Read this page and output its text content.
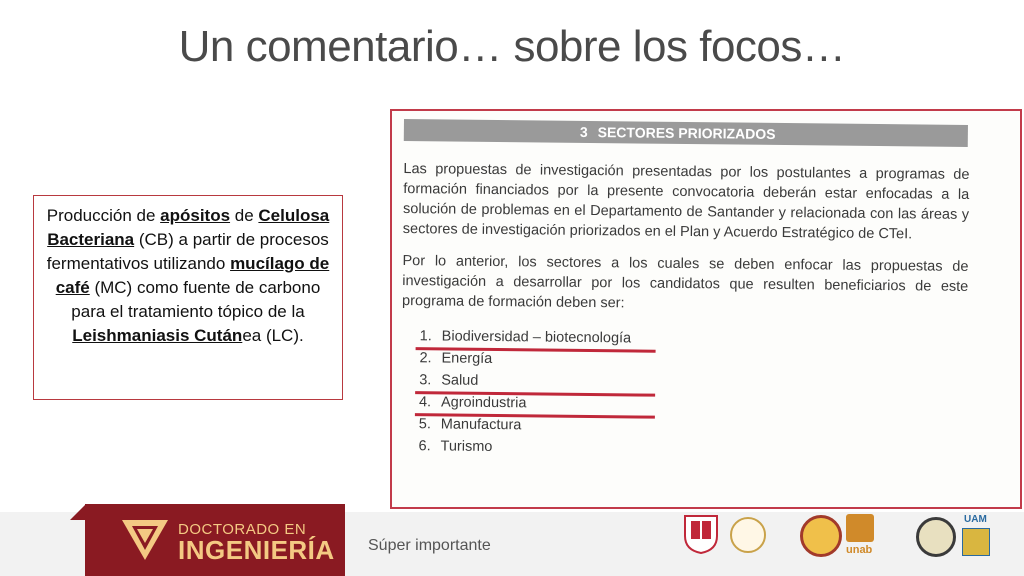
Un comentario… sobre los focos…
Producción de apósitos de Celulosa Bacteriana (CB) a partir de procesos fermentativos utilizando mucílago de café (MC) como fuente de carbono para el tratamiento tópico de la Leishmaniasis Cutánea (LC).
3 SECTORES PRIORIZADOS
Las propuestas de investigación presentadas por los postulantes a programas de formación financiados por la presente convocatoria deberán estar enfocadas a la solución de problemas en el Departamento de Santander y relacionada con las áreas y sectores de investigación priorizados en el Plan y Acuerdo Estratégico de CTeI.
Por lo anterior, los sectores a los cuales se deben enfocar las propuestas de investigación a desarrollar por los candidatos que resulten beneficiarios de este programa de formación deben ser:
1. Biodiversidad – biotecnología
2. Energía
3. Salud
4. Agroindustria
5. Manufactura
6. Turismo
DOCTORADO EN
INGENIERÍA Súper importante	unab
UAM
